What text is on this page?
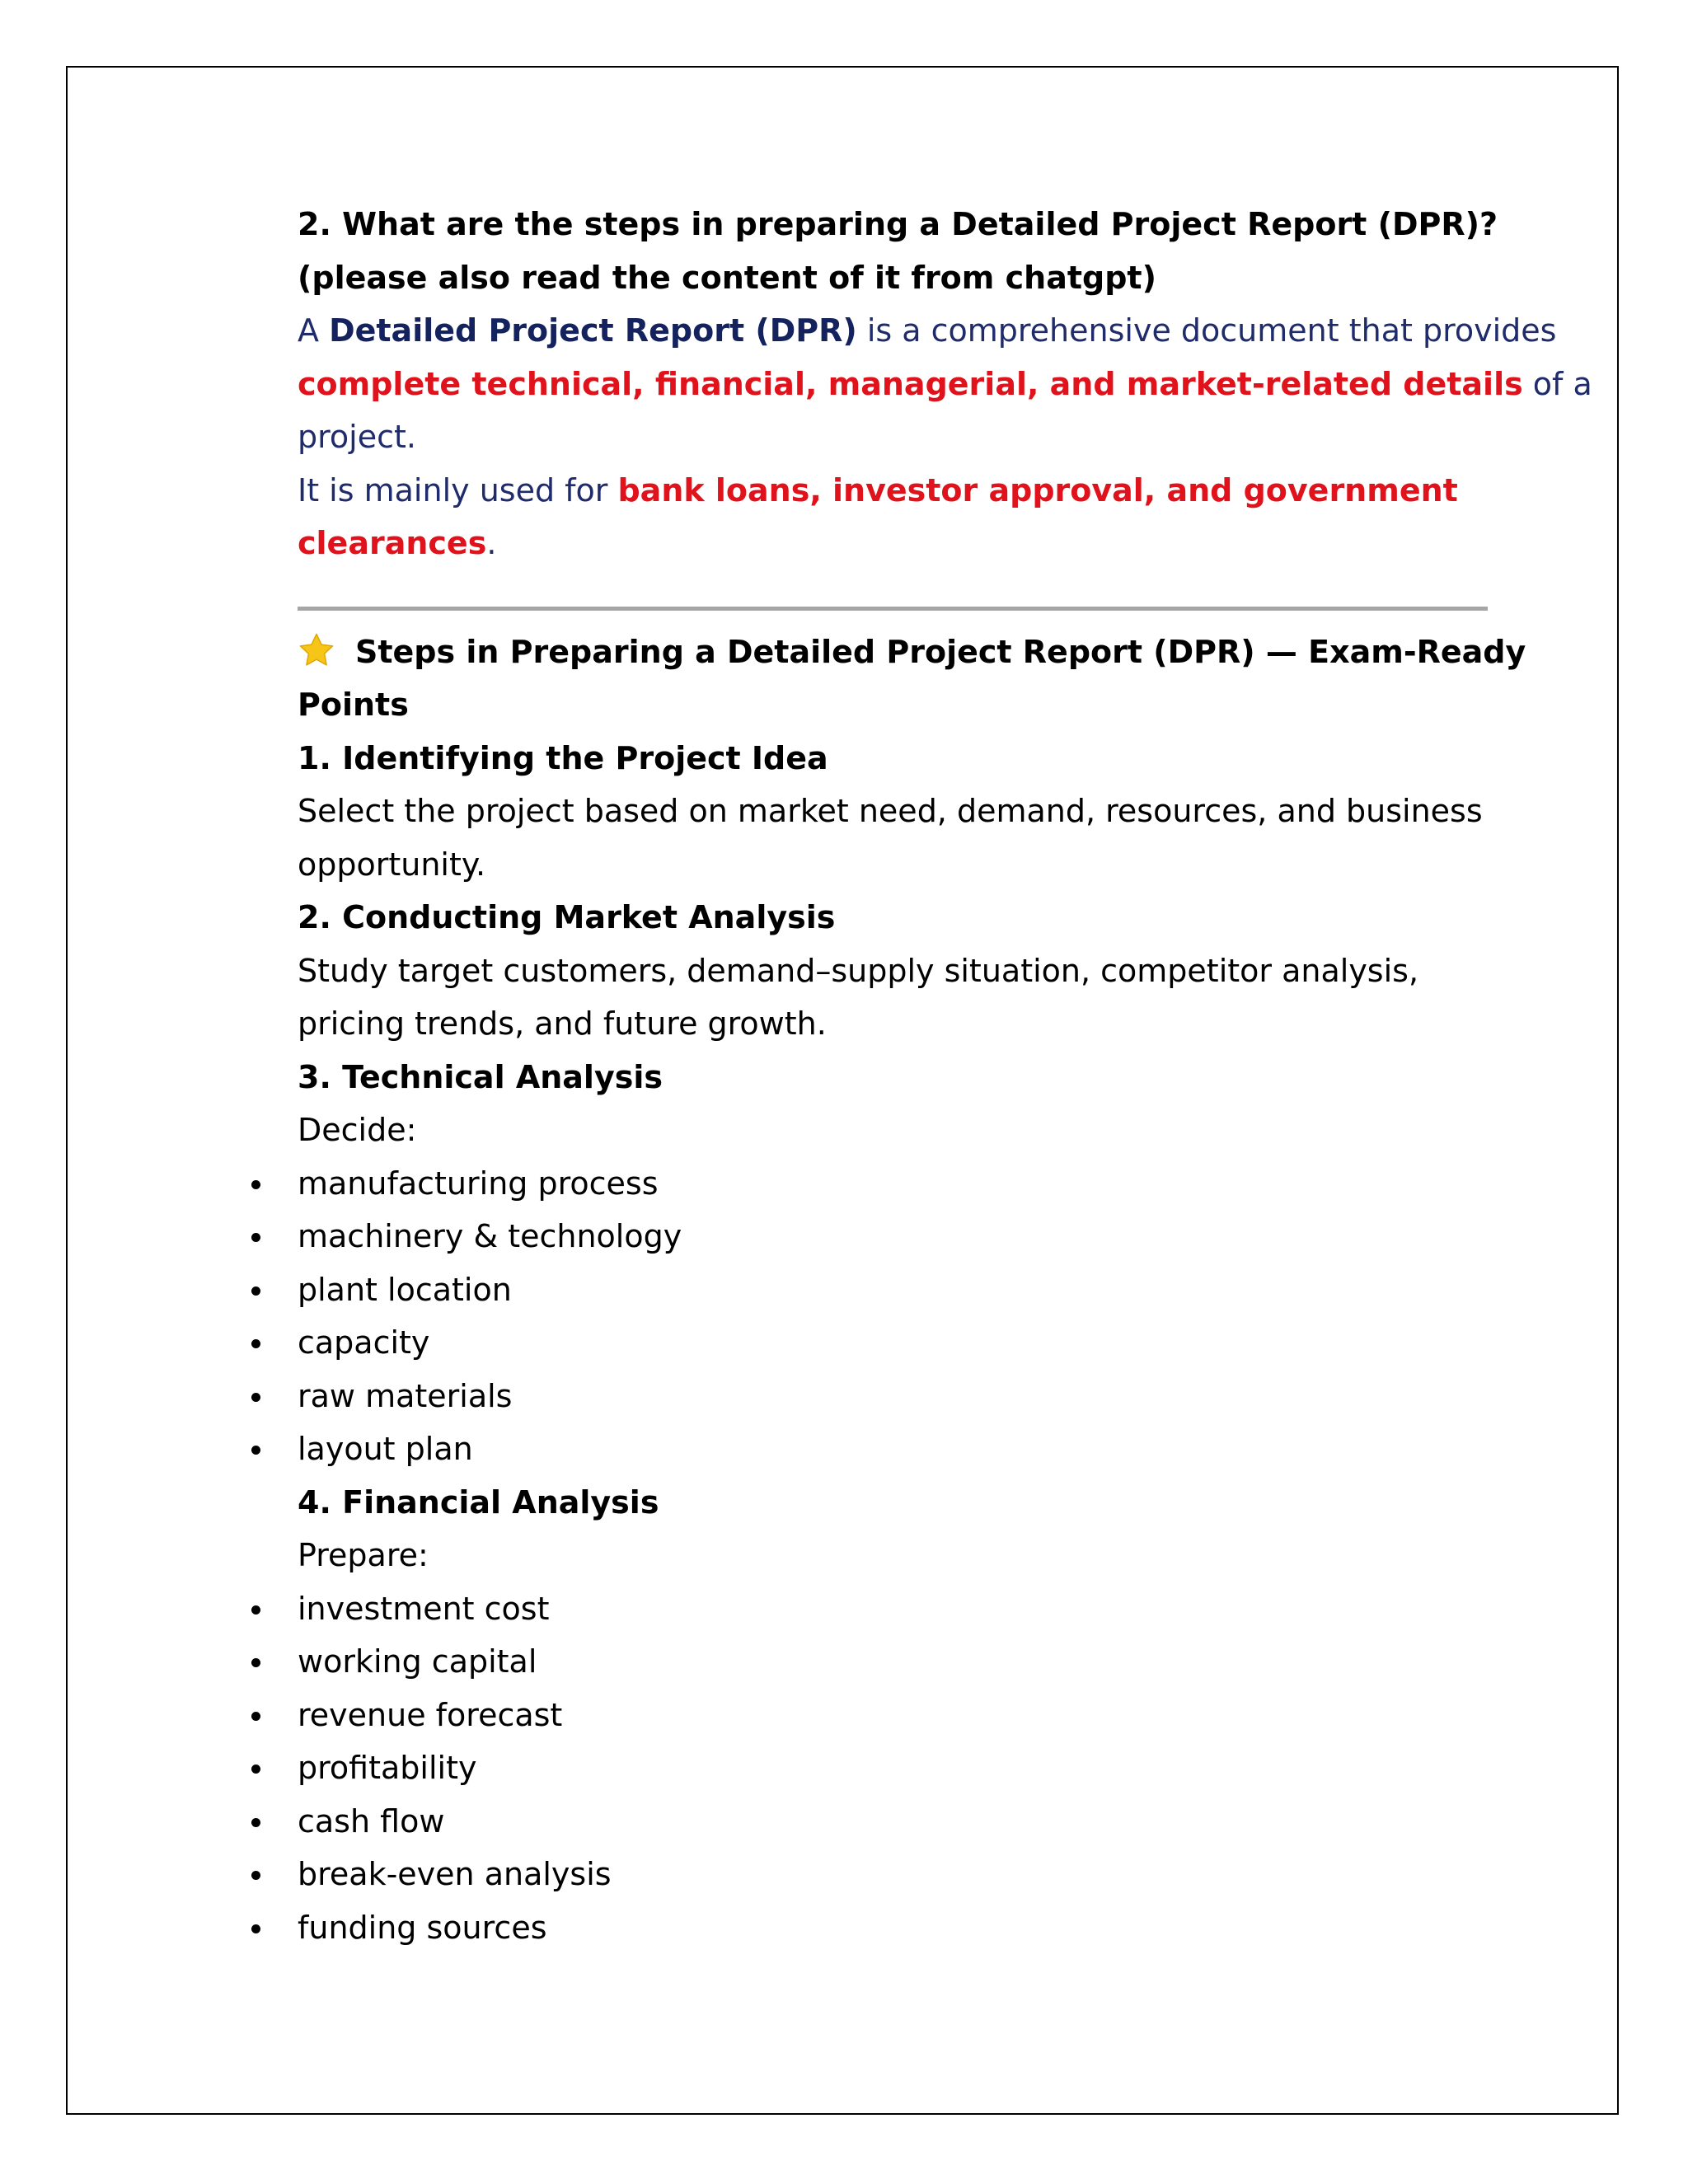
2. What are the steps in preparing a Detailed Project Report (DPR)?

(please also read the content of it from chatgpt)

A Detailed Project Report (DPR) is a comprehensive document that provides

complete technical, financial, managerial, and market-related details of a

project.

It is mainly used for bank loans, investor approval, and government

clearances.

Steps in Preparing a Detailed Project Report (DPR) — Exam-Ready

Points

1. Identifying the Project Idea

Select the project based on market need, demand, resources, and business

opportunity.

2. Conducting Market Analysis

Study target customers, demand–supply situation, competitor analysis,

pricing trends, and future growth.

3. Technical Analysis

Decide:

manufacturing process
machinery & technology
plant location
capacity
raw materials
layout plan

4. Financial Analysis

Prepare:

investment cost
working capital
revenue forecast
profitability
cash flow
break-even analysis
funding sources
